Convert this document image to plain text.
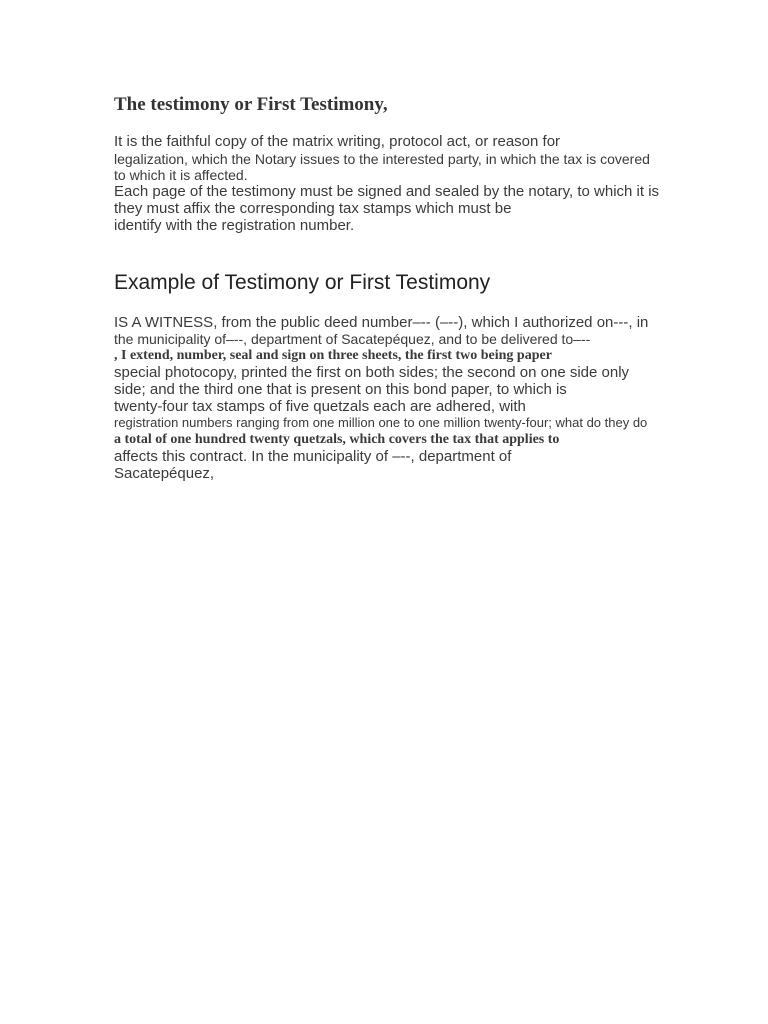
The testimony or First Testimony,
It is the faithful copy of the matrix writing, protocol act, or reason for
legalization, which the Notary issues to the interested party, in which the tax is covered
to which it is affected.
Each page of the testimony must be signed and sealed by the notary, to which it is
they must affix the corresponding tax stamps which must be
identify with the registration number.
Example of Testimony or First Testimony
IS A WITNESS, from the public deed number–-- (–--), which I authorized on---, in
the municipality of–--, department of Sacatepéquez, and to be delivered to–--
, I extend, number, seal and sign on three sheets, the first two being paper
special photocopy, printed the first on both sides; the second on one side only
side; and the third one that is present on this bond paper, to which is
twenty-four tax stamps of five quetzals each are adhered, with
registration numbers ranging from one million one to one million twenty-four; what do they do
a total of one hundred twenty quetzals, which covers the tax that applies to
affects this contract. In the municipality of –--, department of
Sacatepéquez,
